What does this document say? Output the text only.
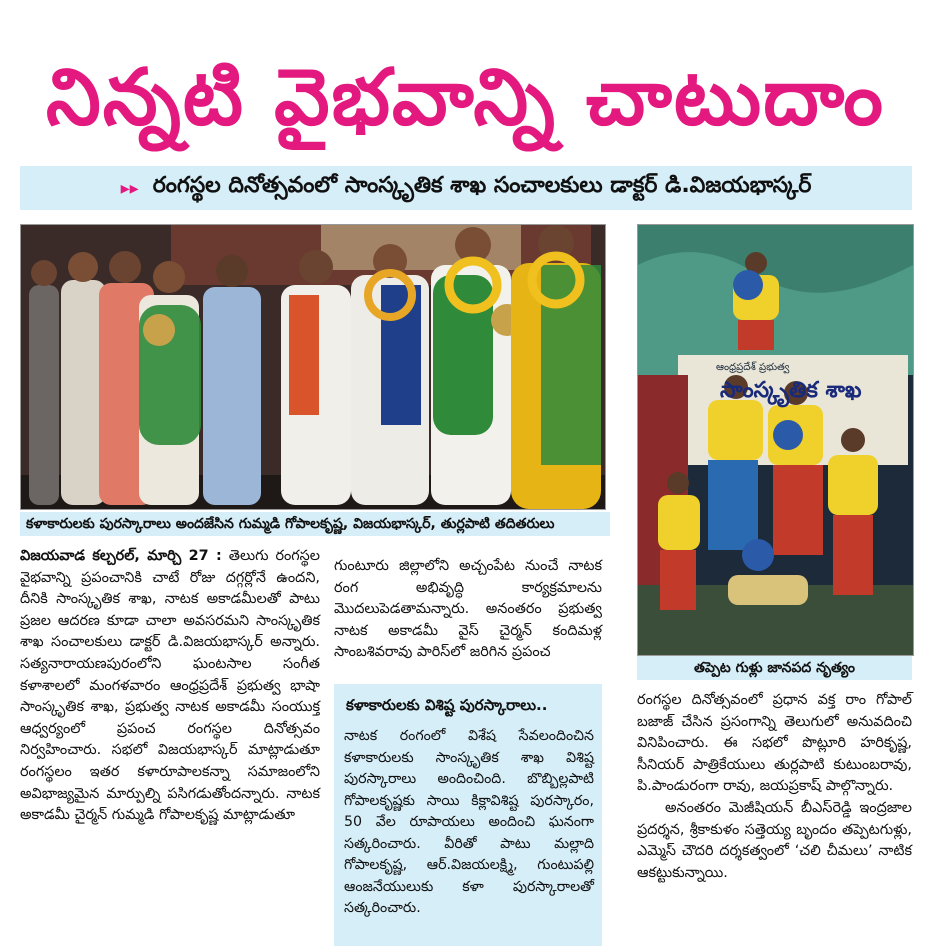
నిన్నటి వైభవాన్ని చాటుదాం
▸▸ రంగస్థల దినోత్సవంలో సాంస్కృతిక శాఖ సంచాలకులు డాక్టర్ డి.విజయభాస్కర్
కళాకారులకు పురస్కారాలు అందజేసిన గుమ్మడి గోపాలకృష్ణ, విజయభాస్కర్, తుర్లపాటి తదితరులు
ఆంధ్రప్రదేశ్ ప్రభుత్వ
సాంస్కృతిక శాఖ
తప్పెట గుళ్లు జానపద నృత్యం

విజయవాడ కల్చరల్, మార్చి 27 : తెలుగు రంగస్థల వైభవాన్ని ప్రపంచానికి చాటే రోజు దగ్గర్లోనే ఉందని, దీనికి సాంస్కృతిక శాఖ, నాటక అకాడమీలతో పాటు ప్రజల ఆదరణ కూడా చాలా అవసరమని సాంస్కృతిక శాఖ సంచాలకులు డాక్టర్ డి.విజయభాస్కర్ అన్నారు. సత్యనారాయణపురంలోని ఘంటసాల సంగీత కళాశాలలో మంగళవారం ఆంధ్రప్రదేశ్ ప్రభుత్వ భాషా సాంస్కృతిక శాఖ, ప్రభుత్వ నాటక అకాడమీ సంయుక్త ఆధ్వర్యంలో ప్రపంచ రంగస్థల దినోత్సవం నిర్వహించారు. సభలో విజయభాస్కర్ మాట్లాడుతూ రంగస్థలం ఇతర కళారూపాలకన్నా సమాజంలోని అవిభాజ్యమైన మార్పుల్ని పసిగడుతోందన్నారు. నాటక అకాడమీ చైర్మన్ గుమ్మడి గోపాలకృష్ణ మాట్లాడుతూ

గుంటూరు జిల్లాలోని అచ్చంపేట నుంచే నాటక రంగ అభివృద్ధి కార్యక్రమాలను మొదలుపెడతామన్నారు. అనంతరం ప్రభుత్వ నాటక అకాడమీ వైస్ చైర్మన్ కందిమళ్ల సాంబశివరావు పారిస్‌లో జరిగిన ప్రపంచ

కళాకారులకు విశిష్ట పురస్కారాలు..
నాటక రంగంలో విశేష సేవలందించిన కళాకారులకు సాంస్కృతిక శాఖ విశిష్ట పురస్కారాలు అందించింది. బొబ్బిల్లపాటి గోపాలకృష్ణకు సాయి కిక్లావిశిష్ట పురస్కారం, 50 వేల రూపాయలు అందించి ఘనంగా సత్కరించారు. వీరితో పాటు మల్లాది గోపాలకృష్ణ, ఆర్.విజయలక్ష్మి, గుంటుపల్లి ఆంజనేయులుకు కళా పురస్కారాలతో సత్కరించారు.

రంగస్థల దినోత్సవంలో ప్రధాన వక్త రాం గోపాల్ బజాజ్ చేసిన ప్రసంగాన్ని తెలుగులో అనువదించి వినిపించారు. ఈ సభలో పొట్లూరి హరికృష్ణ, సీనియర్ పాత్రికేయులు తుర్లపాటి కుటుంబరావు, పి.పాండురంగా రావు, జయప్రకాష్ పాల్గొన్నారు.

అనంతరం మెజీషియన్ బీఎస్‌రెడ్డి ఇంద్రజాల ప్రదర్శన, శ్రీకాకుళం సత్తెయ్య బృందం తప్పెటగుళ్లు, ఎమ్మెస్ చౌదరి దర్శకత్వంలో ‘చలి చీమలు’ నాటిక ఆకట్టుకున్నాయి.
